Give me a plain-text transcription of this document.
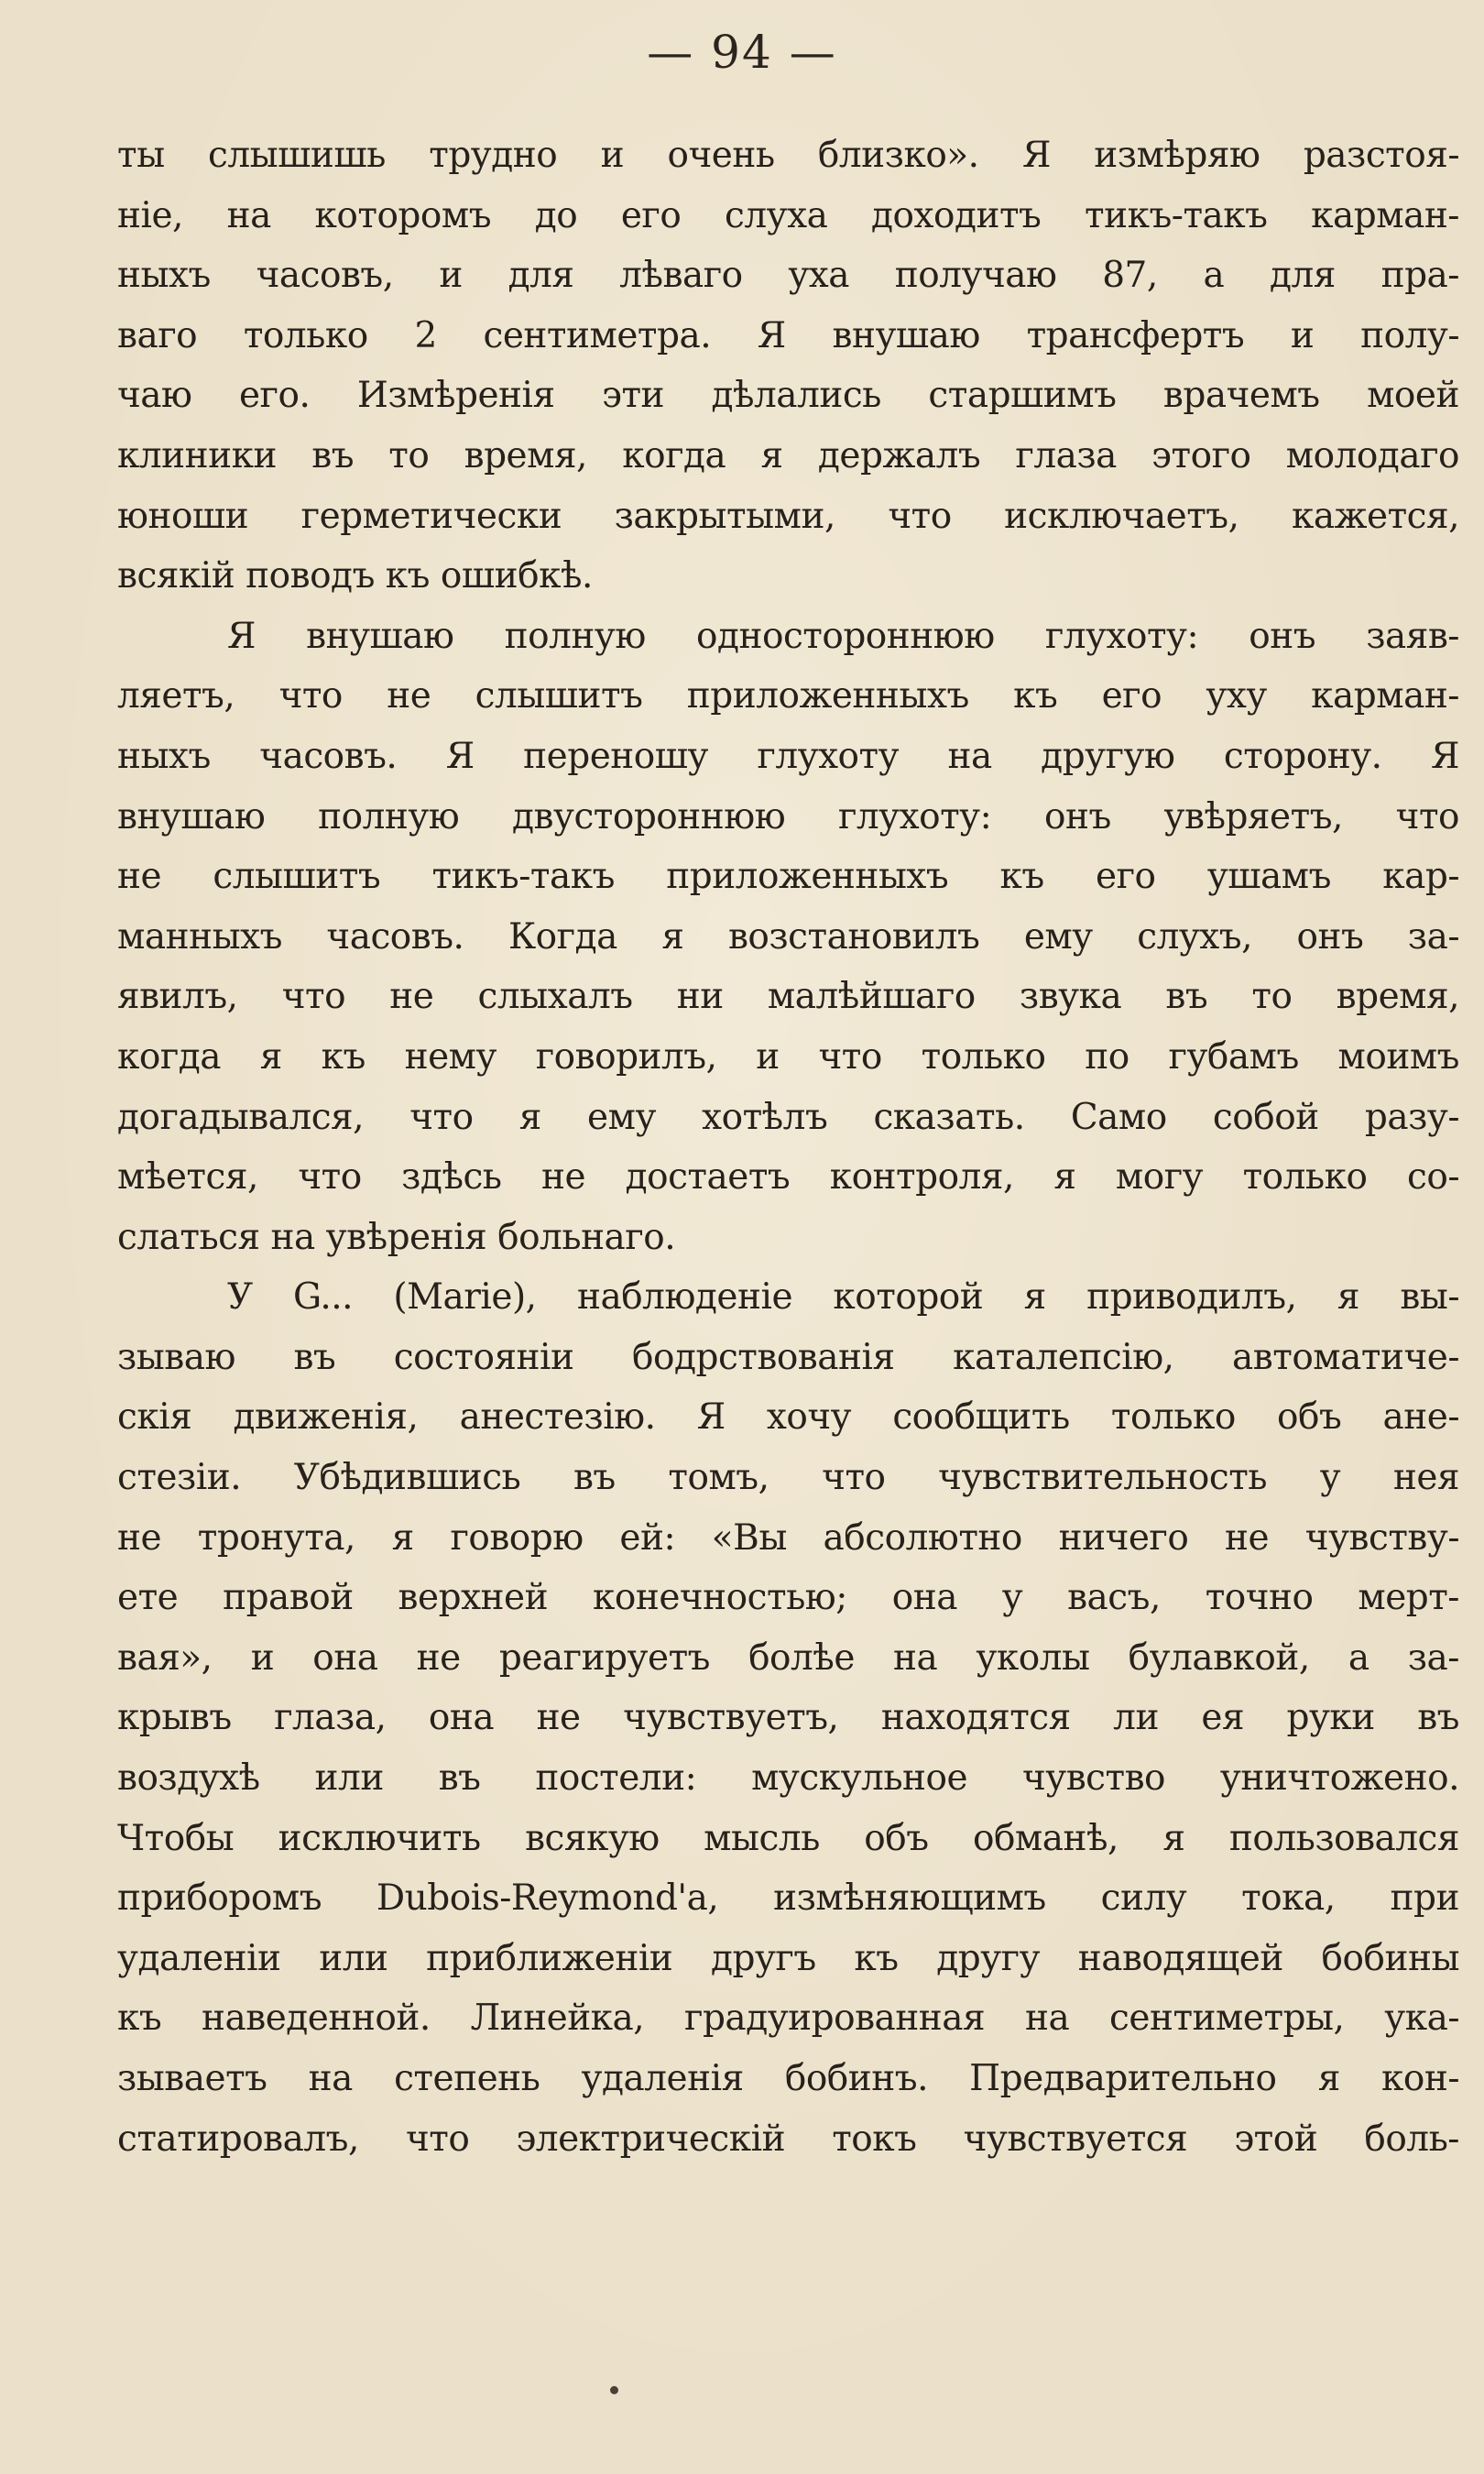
— 94 —
ты слышишь трудно и очень близко». Я измѣряю разстоя-
ніе, на которомъ до его слуха доходитъ тикъ-такъ карман-
ныхъ часовъ, и для лѣваго уха получаю 87, а для пра-
ваго только 2 сентиметра. Я внушаю трансфертъ и полу-
чаю его. Измѣренія эти дѣлались старшимъ врачемъ моей
клиники въ то время, когда я держалъ глаза этого молодаго
юноши герметически закрытыми, что исключаетъ, кажется,
всякій поводъ къ ошибкѣ.
Я внушаю полную одностороннюю глухоту: онъ заяв-
ляетъ, что не слышитъ приложенныхъ къ его уху карман-
ныхъ часовъ. Я переношу глухоту на другую сторону. Я
внушаю полную двустороннюю глухоту: онъ увѣряетъ, что
не слышитъ тикъ-такъ приложенныхъ къ его ушамъ кар-
манныхъ часовъ. Когда я возстановилъ ему слухъ, онъ за-
явилъ, что не слыхалъ ни малѣйшаго звука въ то время,
когда я къ нему говорилъ, и что только по губамъ моимъ
догадывался, что я ему хотѣлъ сказать. Само собой разу-
мѣется, что здѣсь не достаетъ контроля, я могу только со-
слаться на увѣренія больнаго.
У G... (Marie), наблюденіе которой я приводилъ, я вы-
зываю въ состояніи бодрствованія каталепсію, автоматиче-
скія движенія, анестезію. Я хочу сообщить только объ ане-
стезіи. Убѣдившись въ томъ, что чувствительность у нея
не тронута, я говорю ей: «Вы абсолютно ничего не чувству-
ете правой верхней конечностью; она у васъ, точно мерт-
вая», и она не реагируетъ болѣе на уколы булавкой, а за-
крывъ глаза, она не чувствуетъ, находятся ли ея руки въ
воздухѣ или въ постели: мускульное чувство уничтожено.
Чтобы исключить всякую мысль объ обманѣ, я пользовался
приборомъ Dubois-Reymond'а, измѣняющимъ силу тока, при
удаленіи или приближеніи другъ къ другу наводящей бобины
къ наведенной. Линейка, градуированная на сентиметры, ука-
зываетъ на степень удаленія бобинъ. Предварительно я кон-
статировалъ, что электрическій токъ чувствуется этой боль-
